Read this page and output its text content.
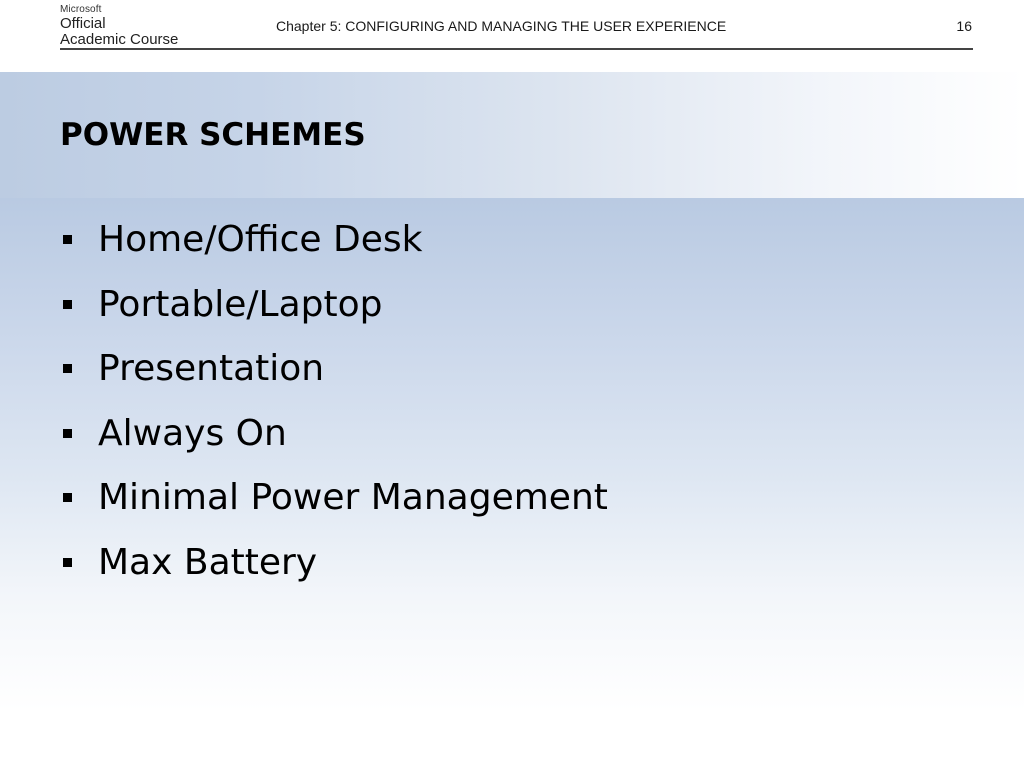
Microsoft
Official
Academic Course
Chapter 5: CONFIGURING AND MANAGING THE USER EXPERIENCE	16
POWER SCHEMES
Home/Office Desk
Portable/Laptop
Presentation
Always On
Minimal Power Management
Max Battery
